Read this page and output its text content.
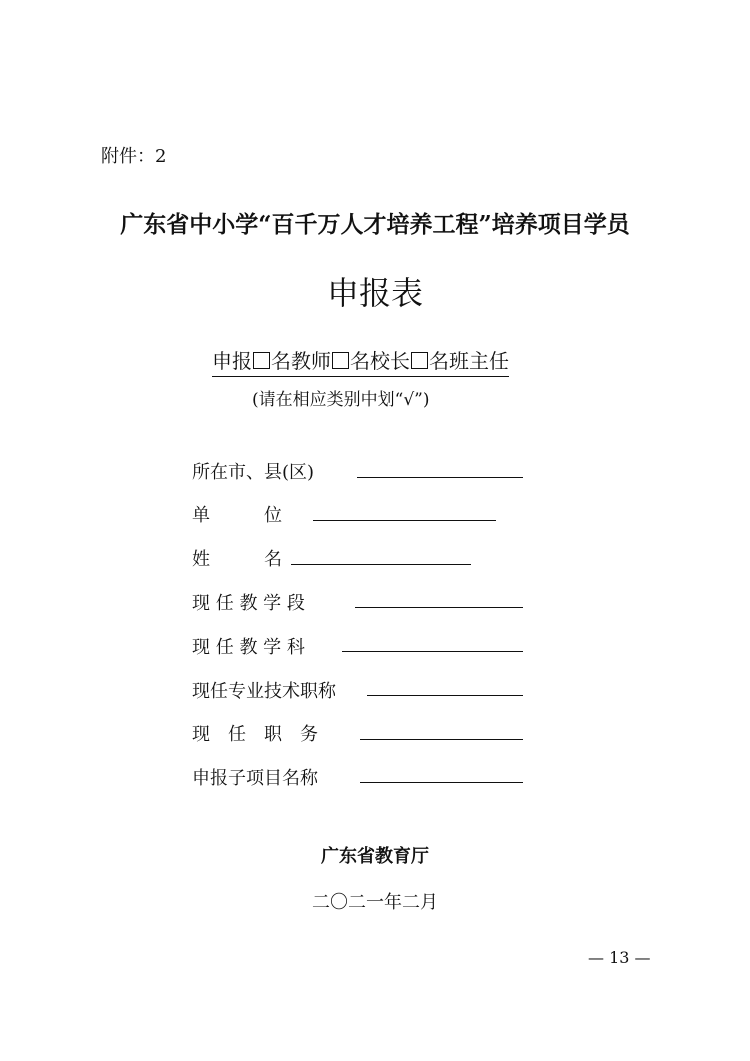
附件：2
广东省中小学“百千万人才培养工程”培养项目学员
申报表
申报 名教师 名校长 名班主任
(请在相应类别中划“√”)
所在市、县(区)
单　　　位
姓　　　名
现 任 教 学 段
现 任 教 学 科
现任专业技术职称
现　任　职　务
申报子项目名称
广东省教育厅
二〇二一年二月
— 13 —
